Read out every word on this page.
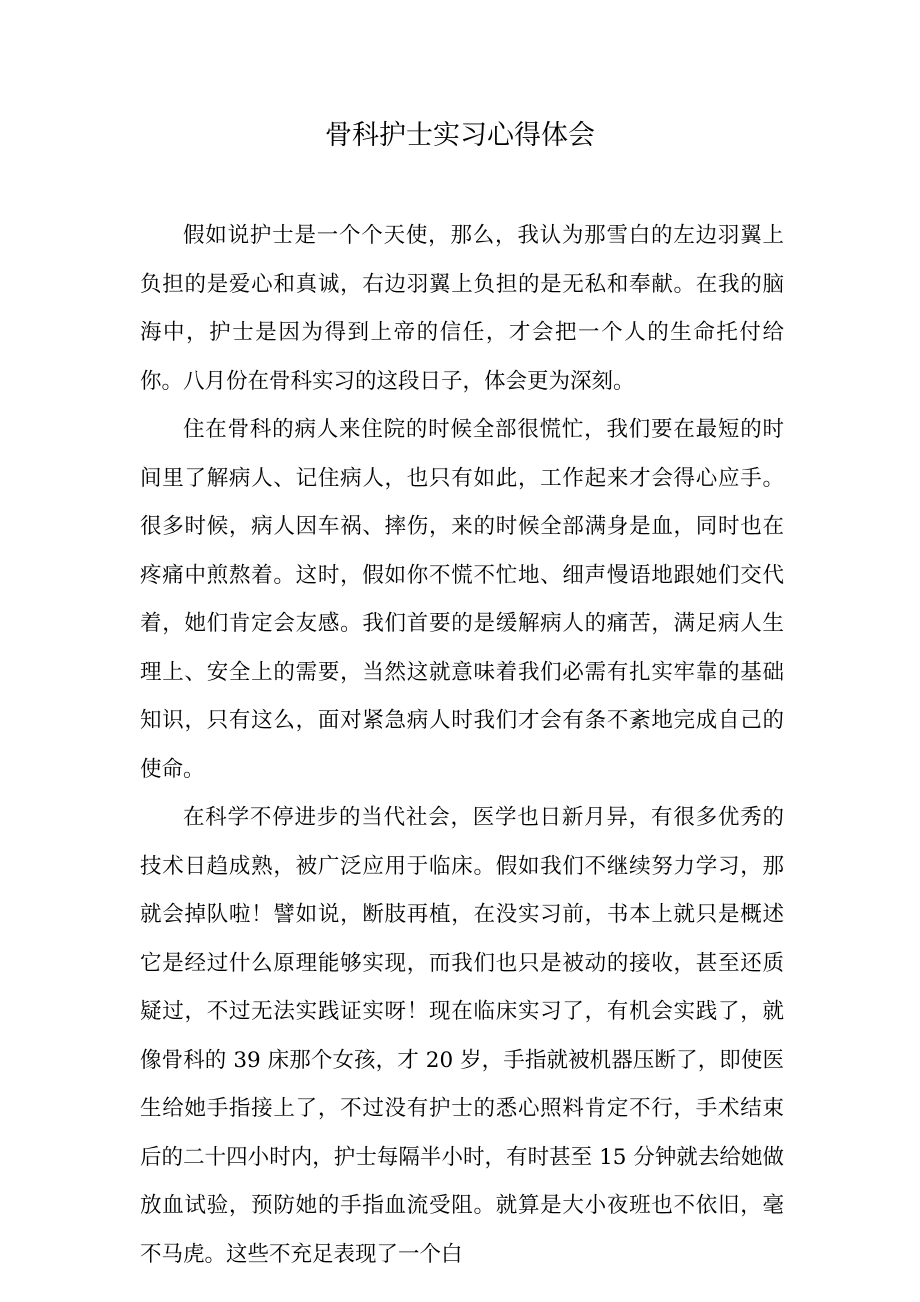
骨科护士实习心得体会

假如说护士是一个个天使，那么，我认为那雪白的左边羽翼上负担的是爱心和真诚，右边羽翼上负担的是无私和奉献。在我的脑海中，护士是因为得到上帝的信任，才会把一个人的生命托付给你。八月份在骨科实习的这段日子，体会更为深刻。

住在骨科的病人来住院的时候全部很慌忙，我们要在最短的时间里了解病人、记住病人，也只有如此，工作起来才会得心应手。很多时候，病人因车祸、摔伤，来的时候全部满身是血，同时也在疼痛中煎熬着。这时，假如你不慌不忙地、细声慢语地跟她们交代着，她们肯定会友感。我们首要的是缓解病人的痛苦，满足病人生理上、安全上的需要，当然这就意味着我们必需有扎实牢靠的基础知识，只有这么，面对紧急病人时我们才会有条不紊地完成自己的使命。

在科学不停进步的当代社会，医学也日新月异，有很多优秀的技术日趋成熟，被广泛应用于临床。假如我们不继续努力学习，那就会掉队啦！譬如说，断肢再植，在没实习前，书本上就只是概述它是经过什么原理能够实现，而我们也只是被动的接收，甚至还质疑过，不过无法实践证实呀！现在临床实习了，有机会实践了，就像骨科的 39 床那个女孩，才 20 岁，手指就被机器压断了，即使医生给她手指接上了，不过没有护士的悉心照料肯定不行，手术结束后的二十四小时内，护士每隔半小时，有时甚至 15 分钟就去给她做放血试验，预防她的手指血流受阻。就算是大小夜班也不依旧，毫不马虎。这些不充足表现了一个白
